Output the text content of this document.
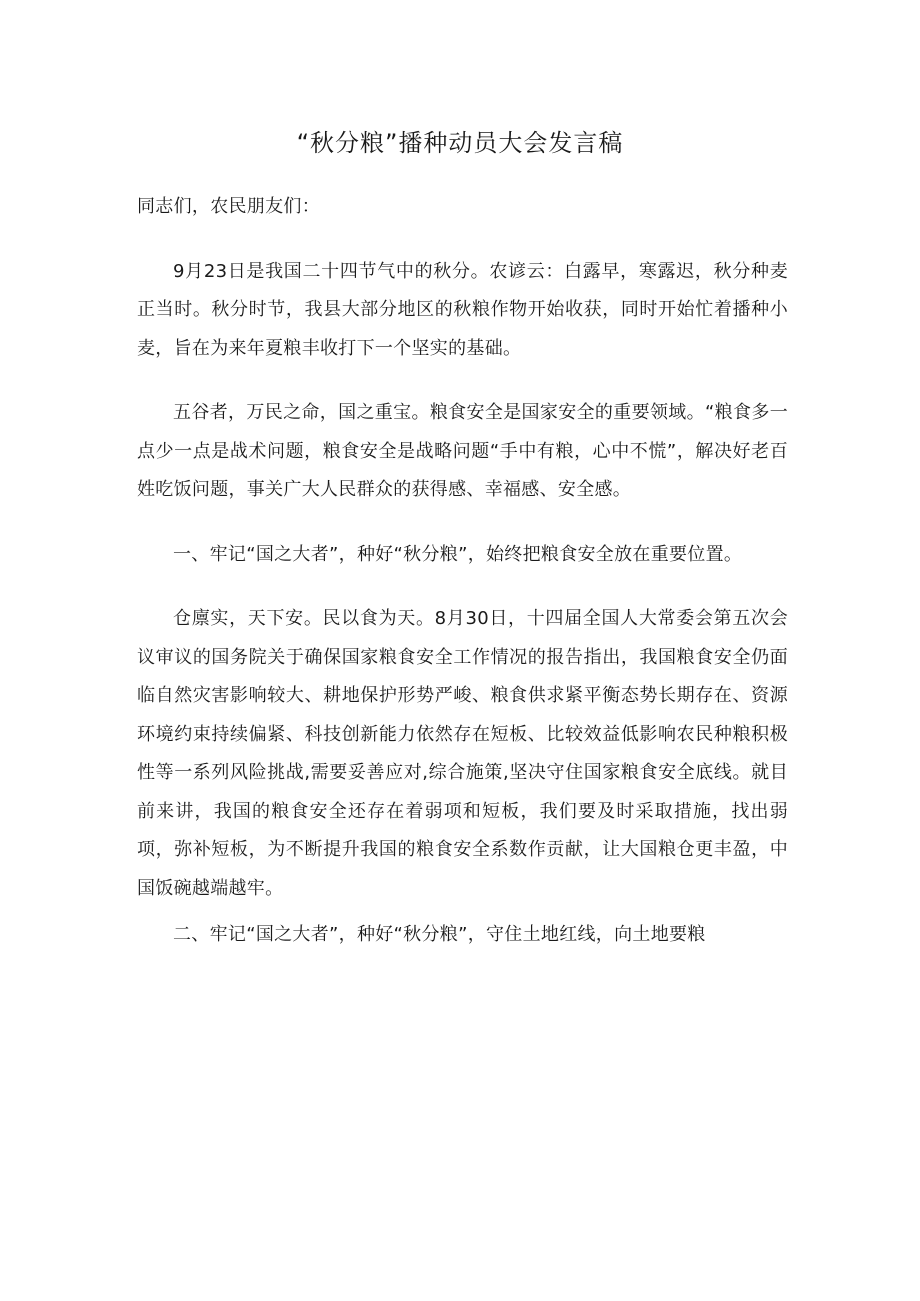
“秋分粮”播种动员大会发言稿

同志们，农民朋友们：

9月23日是我国二十四节气中的秋分。农谚云：白露早，寒露迟，秋分种麦正当时。秋分时节，我县大部分地区的秋粮作物开始收获，同时开始忙着播种小麦，旨在为来年夏粮丰收打下一个坚实的基础。

五谷者，万民之命，国之重宝。粮食安全是国家安全的重要领域。“粮食多一点少一点是战术问题，粮食安全是战略问题“手中有粮，心中不慌”，解决好老百姓吃饭问题，事关广大人民群众的获得感、幸福感、安全感。

一、牢记“国之大者”，种好“秋分粮”，始终把粮食安全放在重要位置。

仓廪实，天下安。民以食为天。8月30日，十四届全国人大常委会第五次会议审议的国务院关于确保国家粮食安全工作情况的报告指出，我国粮食安全仍面临自然灾害影响较大、耕地保护形势严峻、粮食供求紧平衡态势长期存在、资源环境约束持续偏紧、科技创新能力依然存在短板、比较效益低影响农民种粮积极性等一系列风险挑战,需要妥善应对,综合施策,坚决守住国家粮食安全底线。就目前来讲，我国的粮食安全还存在着弱项和短板，我们要及时采取措施，找出弱项，弥补短板，为不断提升我国的粮食安全系数作贡献，让大国粮仓更丰盈，中国饭碗越端越牢。

二、牢记“国之大者”，种好“秋分粮”，守住土地红线，向土地要粮
